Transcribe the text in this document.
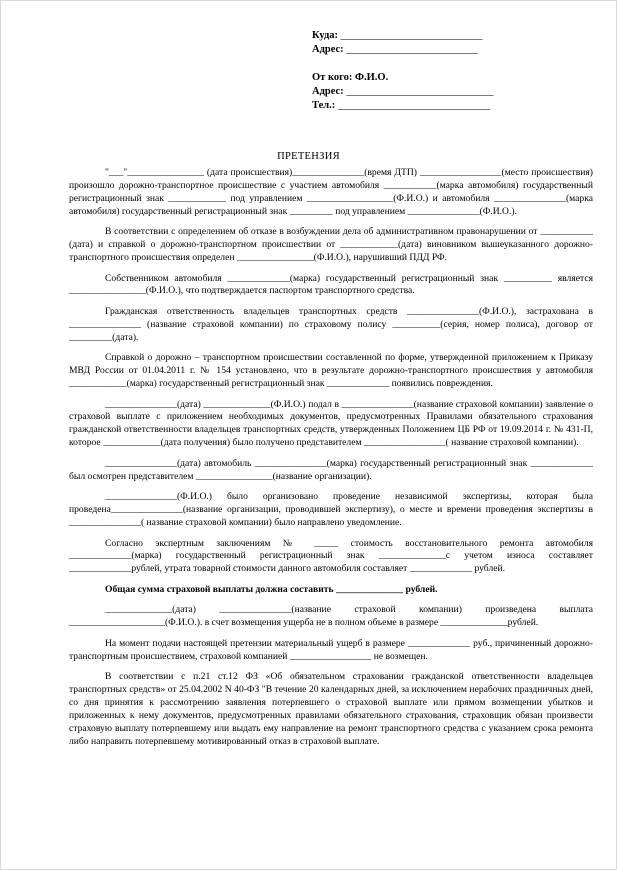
Куда: ___________________________
Адрес: _________________________
От кого: Ф.И.О.
Адрес: ____________________________
Тел.: _____________________________
ПРЕТЕНЗИЯ

"___"________________ (дата происшествия)_______________(время ДТП) _________________(место происшествия) произошло дорожно-транспортное происшествие с участием автомобиля ___________(марка автомобиля) государственный регистрационный знак ____________ под управлением __________________(Ф.И.О.) и автомобиля _______________(марка автомобиля) государственный регистрационный знак _________ под управлением _______________(Ф.И.О.).

В соответствии с определением об отказе в возбуждении дела об административном правонарушении от ___________ (дата) и справкой о дорожно-транспортном происшествии от ____________(дата) виновником вышеуказанного дорожно-транспортного происшествия определен ________________(Ф.И.О.), нарушивший ПДД РФ.

Собственником автомобиля _____________(марка) государственный регистрационный знак __________ является ________________(Ф.И.О.), что подтверждается паспортом транспортного средства.

Гражданская ответственность владельцев транспортных средств _______________(Ф.И.О.), застрахована в _______________ (название страховой компании) по страховому полису __________(серия, номер полиса), договор от _________(дата).

Справкой о дорожно – транспортном происшествии составленной по форме, утвержденной приложением к Приказу МВД России от 01.04.2011 г. № 154 установлено, что в результате дорожно-транспортного происшествия у автомобиля ____________(марка) государственный регистрационный знак _____________ появились повреждения.

_______________(дата) ______________(Ф.И.О.) подал в _______________(название страховой компании) заявление о страховой выплате с приложением необходимых документов, предусмотренных Правилами обязательного страхования гражданской ответственности владельцев транспортных средств, утвержденных Положением ЦБ РФ от 19.09.2014 г. № 431-П, которое ____________(дата получения) было получено представителем _________________( название страховой компании).

_______________(дата) автомобиль _______________(марка) государственный регистрационный знак _____________ был осмотрен представителем ________________(название организации).

_______________(Ф.И.О.) было организовано проведение независимой экспертизы, которая была проведена_______________(название организации, проводившей экспертизу), о месте и времени проведения экспертизы в _______________( название страховой компании) было направлено уведомление.

Согласно экспертным заключениям № _____ стоимость восстановительного ремонта автомобиля _____________(марка) государственный регистрационный знак ______________с учетом износа составляет _____________рублей, утрата товарной стоимости данного автомобиля составляет _____________ рублей.

Общая сумма страховой выплаты должна составить ______________ рублей.

______________(дата) _______________(название страховой компании) произведена выплата ____________________(Ф.И.О.). в счет возмещения ущерба не в полном объеме в размере ______________рублей.

На момент подачи настоящей претензии материальный ущерб в размере _____________ руб., причиненный дорожно-транспортным происшествием, страховой компанией _________________ не возмещен.

В соответствии с п.21 ст.12 ФЗ «Об обязательном страховании гражданской ответственности владельцев транспортных средств» от 25.04.2002 N 40-ФЗ "В течение 20 календарных дней, за исключением нерабочих праздничных дней, со дня принятия к рассмотрению заявления потерпевшего о страховой выплате или прямом возмещении убытков и приложенных к нему документов, предусмотренных правилами обязательного страхования, страховщик обязан произвести страховую выплату потерпевшему или выдать ему направление на ремонт транспортного средства с указанием срока ремонта либо направить потерпевшему мотивированный отказ в страховой выплате.
